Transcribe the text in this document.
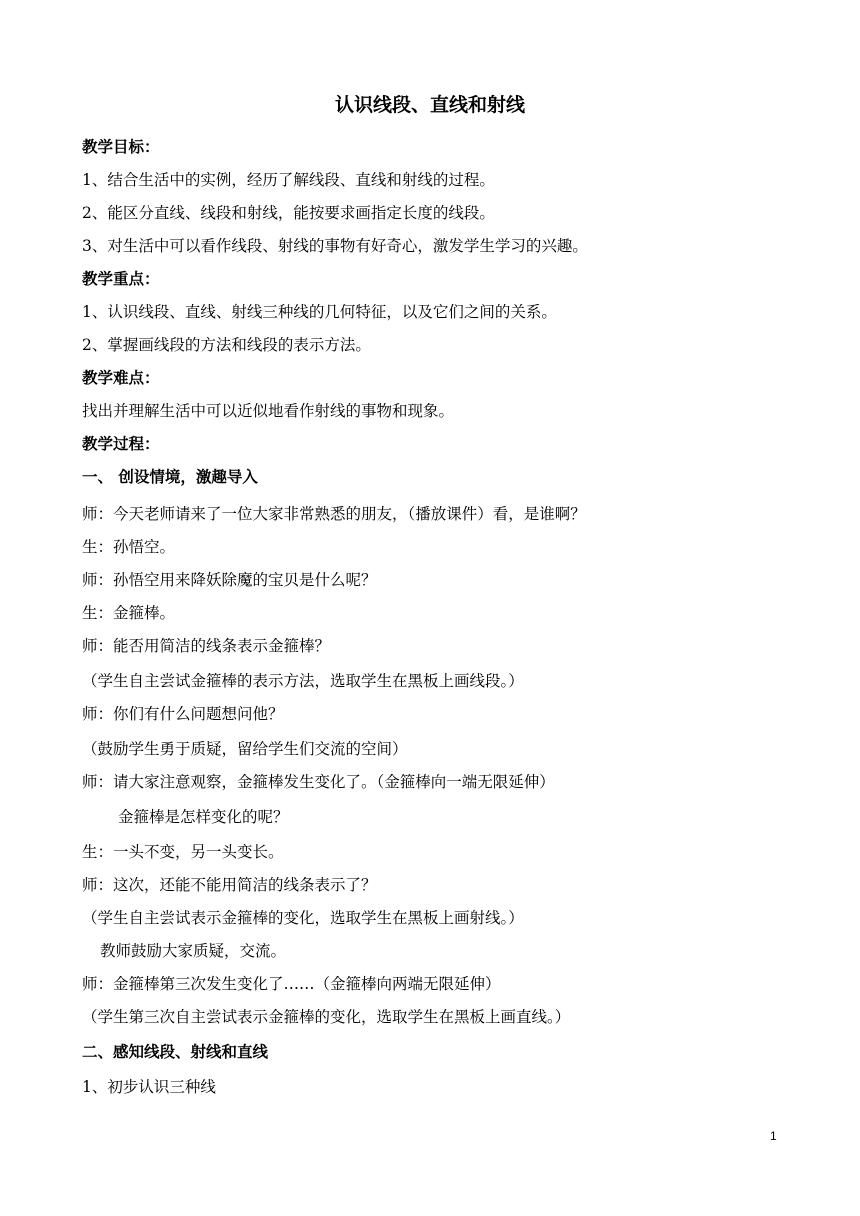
认识线段、直线和射线
教学目标：
1、结合生活中的实例，经历了解线段、直线和射线的过程。
2、能区分直线、线段和射线，能按要求画指定长度的线段。
3、对生活中可以看作线段、射线的事物有好奇心，激发学生学习的兴趣。
教学重点：
1、认识线段、直线、射线三种线的几何特征，以及它们之间的关系。
2、掌握画线段的方法和线段的表示方法。
教学难点：
找出并理解生活中可以近似地看作射线的事物和现象。
教学过程：
一、 创设情境，激趣导入
师：今天老师请来了一位大家非常熟悉的朋友，（播放课件）看，是谁啊？
生：孙悟空。
师：孙悟空用来降妖除魔的宝贝是什么呢？
生：金箍棒。
师：能否用简洁的线条表示金箍棒？
（学生自主尝试金箍棒的表示方法，选取学生在黑板上画线段。）
师：你们有什么问题想问他？
（鼓励学生勇于质疑，留给学生们交流的空间）
师：请大家注意观察，金箍棒发生变化了。（金箍棒向一端无限延伸）
金箍棒是怎样变化的呢？
生：一头不变，另一头变长。
师：这次，还能不能用简洁的线条表示了？
（学生自主尝试表示金箍棒的变化，选取学生在黑板上画射线。）
教师鼓励大家质疑，交流。
师：金箍棒第三次发生变化了……（金箍棒向两端无限延伸）
（学生第三次自主尝试表示金箍棒的变化，选取学生在黑板上画直线。）
二、感知线段、射线和直线
1、初步认识三种线
1
